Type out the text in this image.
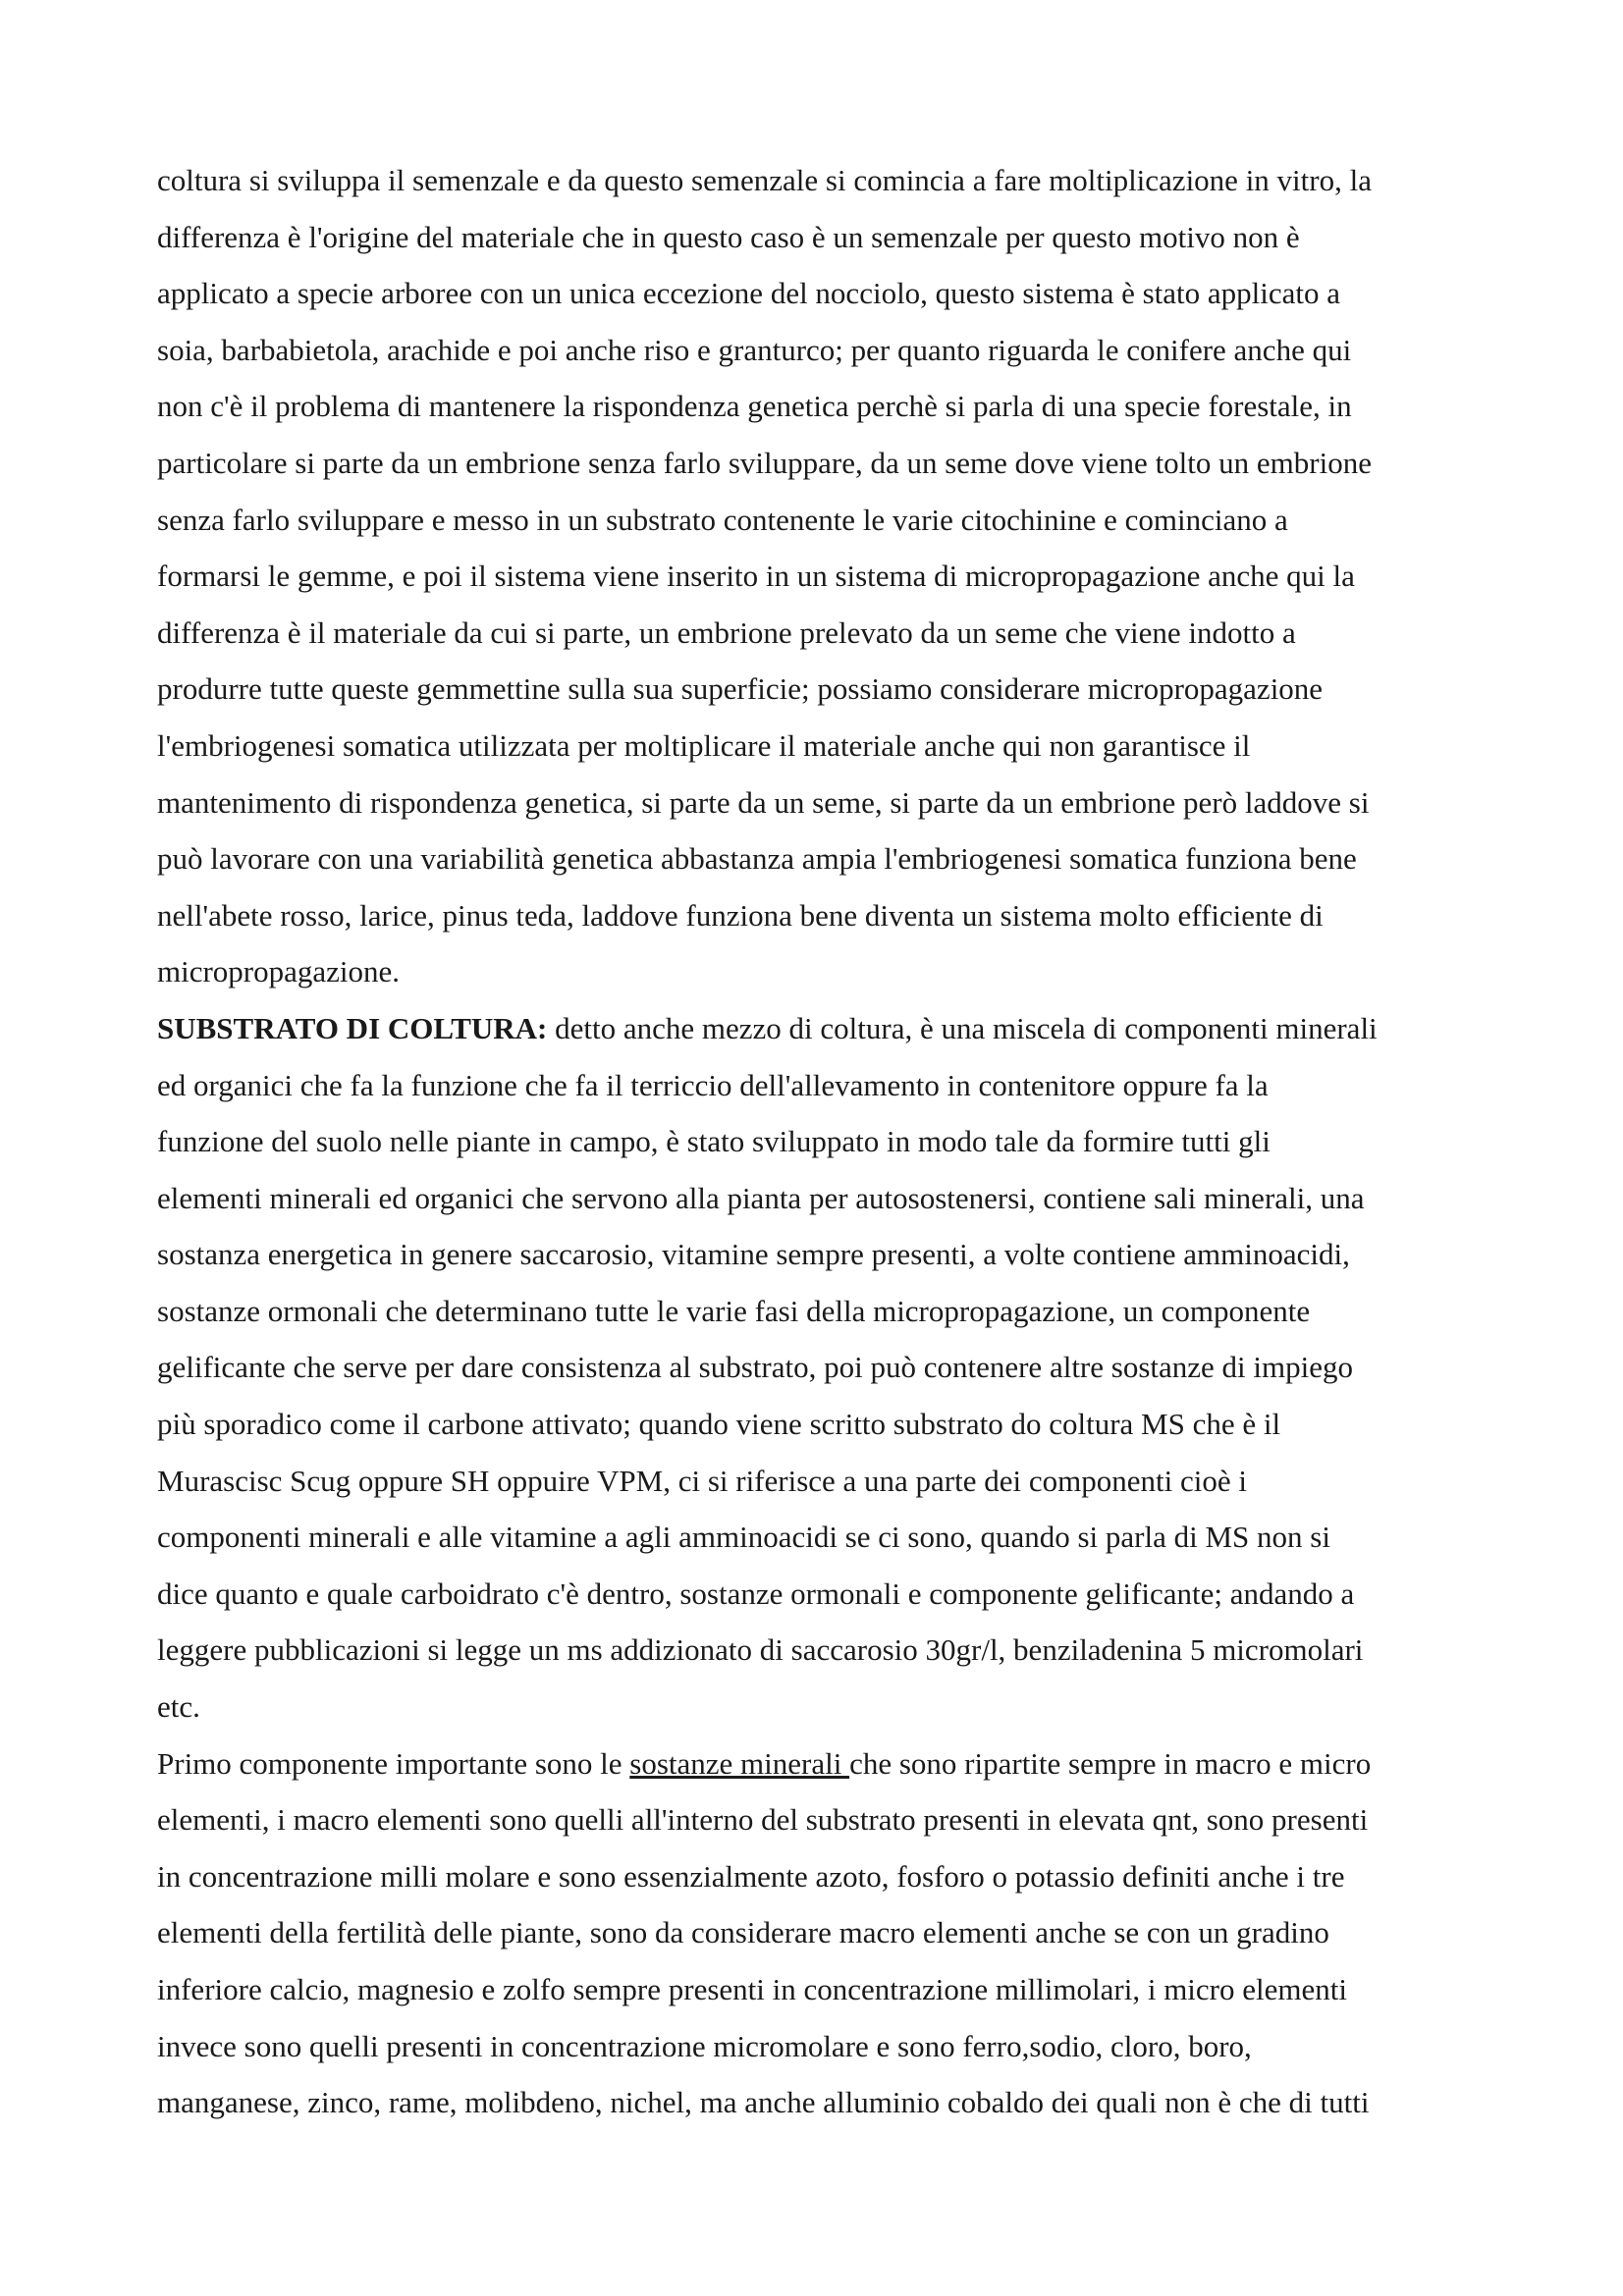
coltura si sviluppa il semenzale e da questo semenzale si comincia a fare moltiplicazione in vitro, la
differenza è l'origine del materiale che in questo caso è un semenzale per questo motivo non è
applicato a specie arboree con un unica eccezione del nocciolo, questo sistema è stato applicato a
soia, barbabietola, arachide e poi anche riso e granturco; per quanto riguarda le conifere anche qui
non c'è il problema di mantenere la rispondenza genetica perchè si parla di una specie forestale, in
particolare si parte da un embrione senza farlo sviluppare, da un seme dove viene tolto un embrione
senza farlo sviluppare e messo in un substrato contenente le varie citochinine e cominciano a
formarsi le gemme, e poi il sistema viene inserito in un sistema di micropropagazione anche qui la
differenza è il materiale da cui si parte, un embrione prelevato da un seme che viene indotto a
produrre tutte queste gemmettine sulla sua superficie; possiamo considerare micropropagazione
l'embriogenesi somatica utilizzata per moltiplicare il materiale anche qui non garantisce il
mantenimento di rispondenza genetica, si parte da un seme, si parte da un embrione però laddove si
può lavorare con una variabilità genetica abbastanza ampia l'embriogenesi somatica funziona bene
nell'abete rosso, larice, pinus teda, laddove funziona bene diventa un sistema molto efficiente di
micropropagazione.

SUBSTRATO DI COLTURA: detto anche mezzo di coltura, è una miscela di componenti minerali
ed organici che fa la funzione che fa il terriccio dell'allevamento in contenitore oppure fa la
funzione del suolo nelle piante in campo, è stato sviluppato in modo tale da formire tutti gli
elementi minerali ed organici che servono alla pianta per autosostenersi, contiene sali minerali, una
sostanza energetica in genere saccarosio, vitamine sempre presenti, a volte contiene amminoacidi,
sostanze ormonali che determinano tutte le varie fasi della micropropagazione, un componente
gelificante che serve per dare consistenza al substrato, poi può contenere altre sostanze di impiego
più sporadico come il carbone attivato; quando viene scritto substrato do coltura MS che è il
Murascisc Scug oppure SH oppuire VPM, ci si riferisce a una parte dei componenti cioè i
componenti minerali e alle vitamine a agli amminoacidi se ci sono, quando si parla di MS non si
dice quanto e quale carboidrato c'è dentro, sostanze ormonali e componente gelificante; andando a
leggere pubblicazioni si legge un ms addizionato di saccarosio 30gr/l, benziladenina 5 micromolari
etc.

Primo componente importante sono le sostanze minerali che sono ripartite sempre in macro e micro
elementi, i macro elementi sono quelli all'interno del substrato presenti in elevata qnt, sono presenti
in concentrazione milli molare e sono essenzialmente azoto, fosforo o potassio definiti anche i tre
elementi della fertilità delle piante, sono da considerare macro elementi anche se con un gradino
inferiore calcio, magnesio e zolfo sempre presenti in concentrazione millimolari, i micro elementi
invece sono quelli presenti in concentrazione micromolare e sono ferro,sodio, cloro, boro,
manganese, zinco, rame, molibdeno, nichel, ma anche alluminio cobaldo dei quali non è che di tutti
